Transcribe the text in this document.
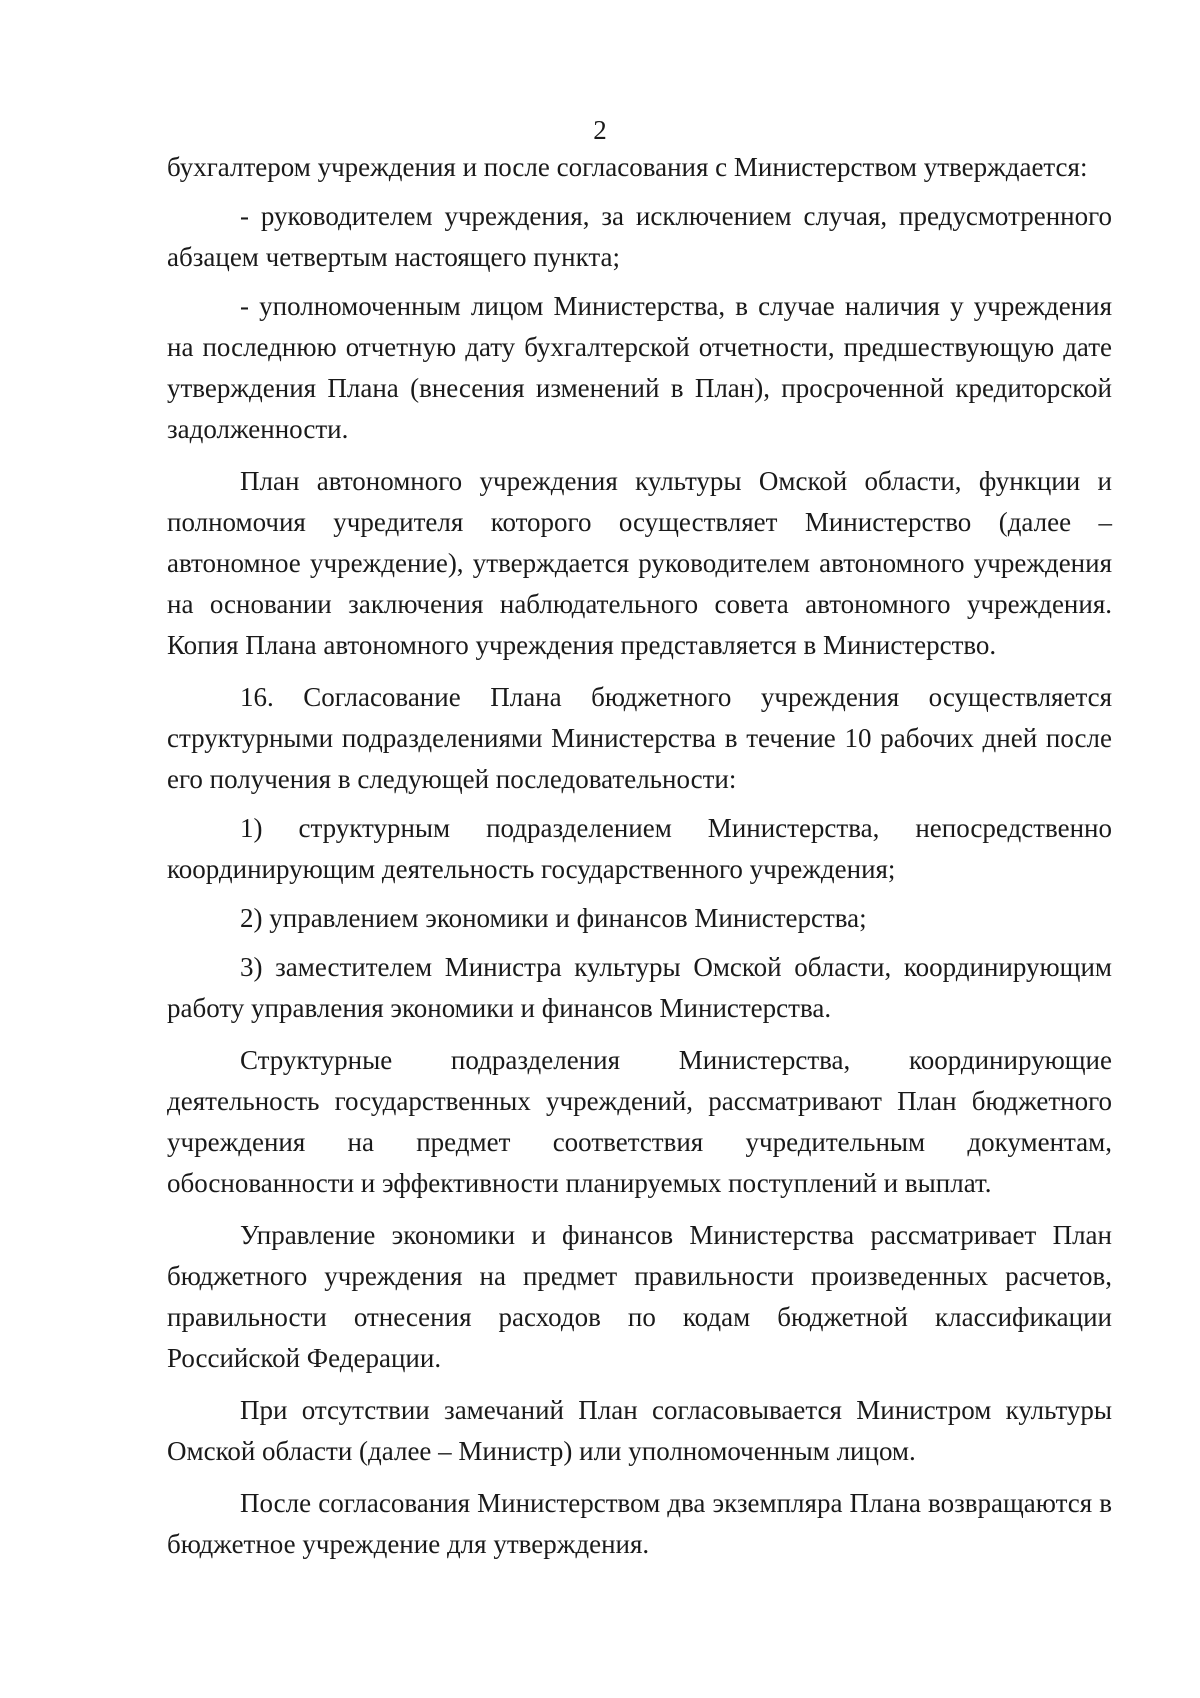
2

бухгалтером учреждения и после согласования с Министерством утверждается:

- руководителем учреждения, за исключением случая, предусмотренного абзацем четвертым настоящего пункта;

- уполномоченным лицом Министерства, в случае наличия у учреждения на последнюю отчетную дату бухгалтерской отчетности, предшествующую дате утверждения Плана (внесения изменений в План), просроченной кредиторской задолженности.

План автономного учреждения культуры Омской области, функции и полномочия учредителя которого осуществляет Министерство (далее – автономное учреждение), утверждается руководителем автономного учреждения на основании заключения наблюдательного совета автономного учреждения. Копия Плана автономного учреждения представляется в Министерство.

16. Согласование Плана бюджетного учреждения осуществляется структурными подразделениями Министерства в течение 10 рабочих дней после его получения в следующей последовательности:

1) структурным подразделением Министерства, непосредственно координирующим деятельность государственного учреждения;

2) управлением экономики и финансов Министерства;

3) заместителем Министра культуры Омской области, координирующим работу управления экономики и финансов Министерства.

Структурные подразделения Министерства, координирующие деятельность государственных учреждений, рассматривают План бюджетного учреждения на предмет соответствия учредительным документам, обоснованности и эффективности планируемых поступлений и выплат.

Управление экономики и финансов Министерства рассматривает План бюджетного учреждения на предмет правильности произведенных расчетов, правильности отнесения расходов по кодам бюджетной классификации Российской Федерации.

При отсутствии замечаний План согласовывается Министром культуры Омской области (далее – Министр) или уполномоченным лицом.

После согласования Министерством два экземпляра Плана возвращаются в бюджетное учреждение для утверждения.
